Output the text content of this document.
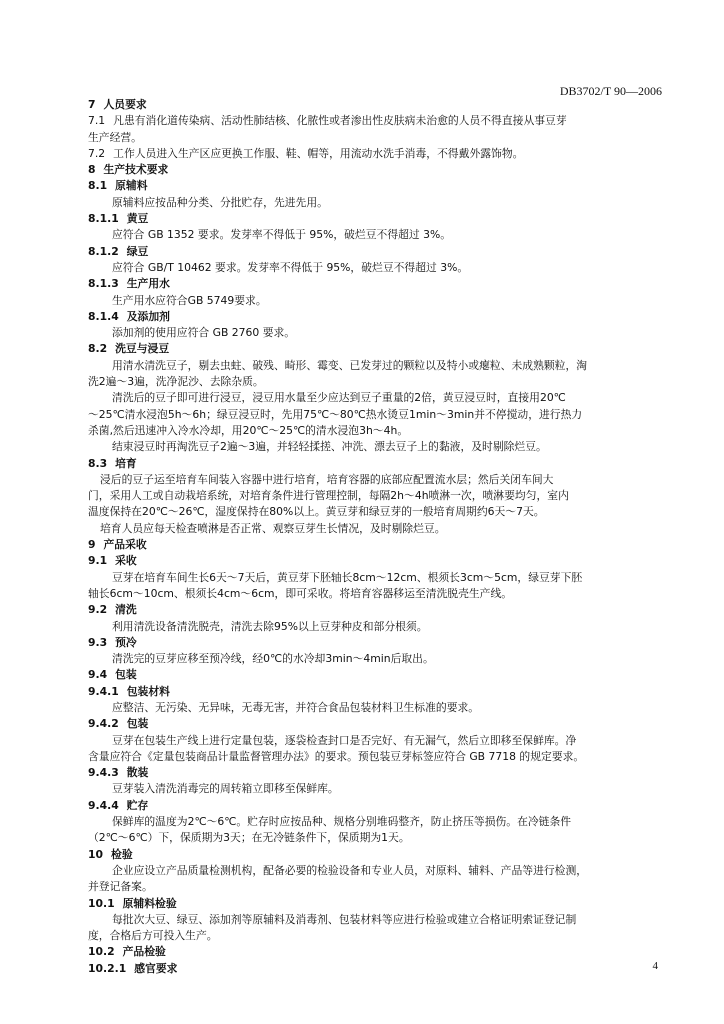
DB3702/T 90—2006
7 人员要求
7.1 凡患有消化道传染病、活动性肺结核、化脓性或者渗出性皮肤病未治愈的人员不得直接从事豆芽
生产经营。
7.2 工作人员进入生产区应更换工作服、鞋、帽等，用流动水洗手消毒，不得戴外露饰物。
8 生产技术要求
8.1 原辅料
原辅料应按品种分类、分批贮存，先进先用。
8.1.1 黄豆
应符合 GB 1352 要求。发芽率不得低于 95%，破烂豆不得超过 3%。
8.1.2 绿豆
应符合 GB/T 10462 要求。发芽率不得低于 95%，破烂豆不得超过 3%。
8.1.3 生产用水
生产用水应符合GB 5749要求。
8.1.4 及添加剂
添加剂的使用应符合 GB 2760 要求。
8.2 洗豆与浸豆
用清水清洗豆子，剔去虫蛀、破残、畸形、霉变、已发芽过的颗粒以及特小或瘪粒、未成熟颗粒，淘
洗2遍～3遍，洗净泥沙、去除杂质。
清洗后的豆子即可进行浸豆，浸豆用水量至少应达到豆子重量的2倍，黄豆浸豆时，直接用20℃
～25℃清水浸泡5h～6h；绿豆浸豆时，先用75℃～80℃热水烫豆1min～3min并不停搅动，进行热力
杀菌,然后迅速冲入冷水冷却，用20℃～25℃的清水浸泡3h～4h。
结束浸豆时再淘洗豆子2遍～3遍，并轻轻揉搓、冲洗、漂去豆子上的黏液，及时剔除烂豆。
8.3 培育
浸后的豆子运至培育车间装入容器中进行培育，培育容器的底部应配置流水层；然后关闭车间大
门，采用人工或自动栽培系统，对培育条件进行管理控制，每隔2h～4h喷淋一次，喷淋要均匀，室内
温度保持在20℃～26℃，湿度保持在80%以上。黄豆芽和绿豆芽的一般培育周期约6天～7天。
培育人员应每天检查喷淋是否正常、观察豆芽生长情况，及时剔除烂豆。
9 产品采收
9.1 采收
豆芽在培育车间生长6天～7天后，黄豆芽下胚轴长8cm～12cm、根须长3cm～5cm，绿豆芽下胚
轴长6cm～10cm、根须长4cm～6cm，即可采收。将培育容器移运至清洗脱壳生产线。
9.2 清洗
利用清洗设备清洗脱壳，清洗去除95%以上豆芽种皮和部分根须。
9.3 预冷
清洗完的豆芽应移至预冷线，经0℃的水冷却3min～4min后取出。
9.4 包装
9.4.1 包装材料
应整洁、无污染、无异味，无毒无害，并符合食品包装材料卫生标准的要求。
9.4.2 包装
豆芽在包装生产线上进行定量包装，逐袋检查封口是否完好、有无漏气，然后立即移至保鲜库。净
含量应符合《定量包装商品计量监督管理办法》的要求。预包装豆芽标签应符合 GB 7718 的规定要求。
9.4.3 散装
豆芽装入清洗消毒完的周转箱立即移至保鲜库。
9.4.4 贮存
保鲜库的温度为2℃～6℃。贮存时应按品种、规格分别堆码整齐，防止挤压等损伤。在冷链条件
（2℃～6℃）下，保质期为3天；在无冷链条件下，保质期为1天。
10 检验
企业应设立产品质量检测机构，配备必要的检验设备和专业人员，对原料、辅料、产品等进行检测，
并登记备案。
10.1 原辅料检验
每批次大豆、绿豆、添加剂等原辅料及消毒剂、包装材料等应进行检验或建立合格证明索证登记制
度，合格后方可投入生产。
10.2 产品检验
10.2.1 感官要求	4
